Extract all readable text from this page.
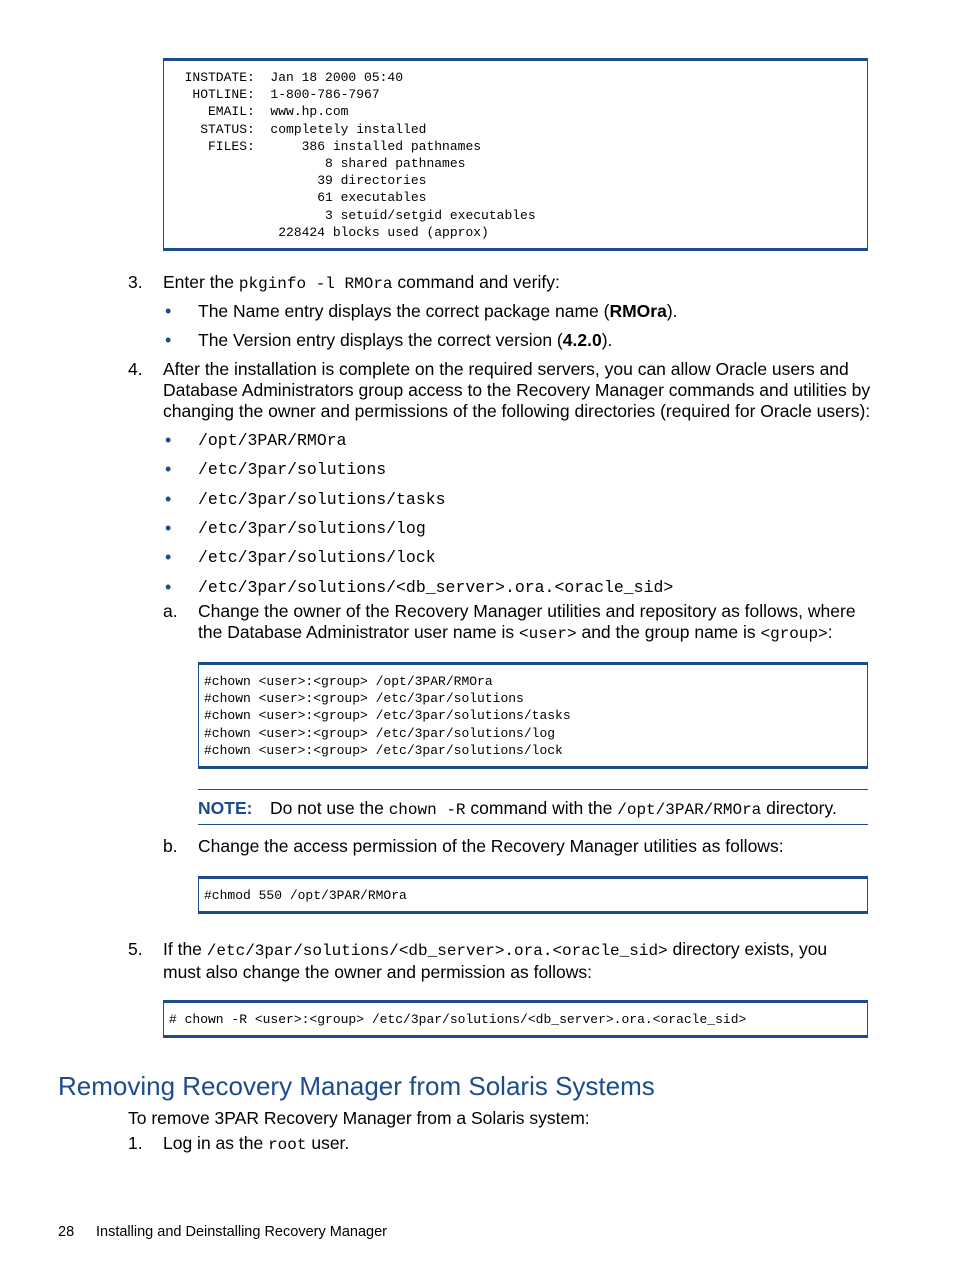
INSTDATE:  Jan 18 2000 05:40
HOTLINE:  1-800-786-7967
EMAIL:  www.hp.com
STATUS:  completely installed
FILES:      386 installed pathnames
8 shared pathnames
39 directories
61 executables
3 setuid/setgid executables
228424 blocks used (approx)
3. Enter the pkginfo -l RMOra command and verify:
• The Name entry displays the correct package name (RMOra).
• The Version entry displays the correct version (4.2.0).
4. After the installation is complete on the required servers, you can allow Oracle users and
Database Administrators group access to the Recovery Manager commands and utilities by
changing the owner and permissions of the following directories (required for Oracle users):
• /opt/3PAR/RMOra
• /etc/3par/solutions
• /etc/3par/solutions/tasks
• /etc/3par/solutions/log
• /etc/3par/solutions/lock
• /etc/3par/solutions/<db_server>.ora.<oracle_sid>
a. Change the owner of the Recovery Manager utilities and repository as follows, where
the Database Administrator user name is <user> and the group name is <group>:
#chown <user>:<group> /opt/3PAR/RMOra
#chown <user>:<group> /etc/3par/solutions
#chown <user>:<group> /etc/3par/solutions/tasks
#chown <user>:<group> /etc/3par/solutions/log
#chown <user>:<group> /etc/3par/solutions/lock
NOTE: Do not use the chown -R command with the /opt/3PAR/RMOra directory.
b. Change the access permission of the Recovery Manager utilities as follows:
#chmod 550 /opt/3PAR/RMOra
5. If the /etc/3par/solutions/<db_server>.ora.<oracle_sid> directory exists, you
must also change the owner and permission as follows:
# chown -R <user>:<group> /etc/3par/solutions/<db_server>.ora.<oracle_sid>
Removing Recovery Manager from Solaris Systems
To remove 3PAR Recovery Manager from a Solaris system:
1. Log in as the root user.
28 Installing and Deinstalling Recovery Manager
